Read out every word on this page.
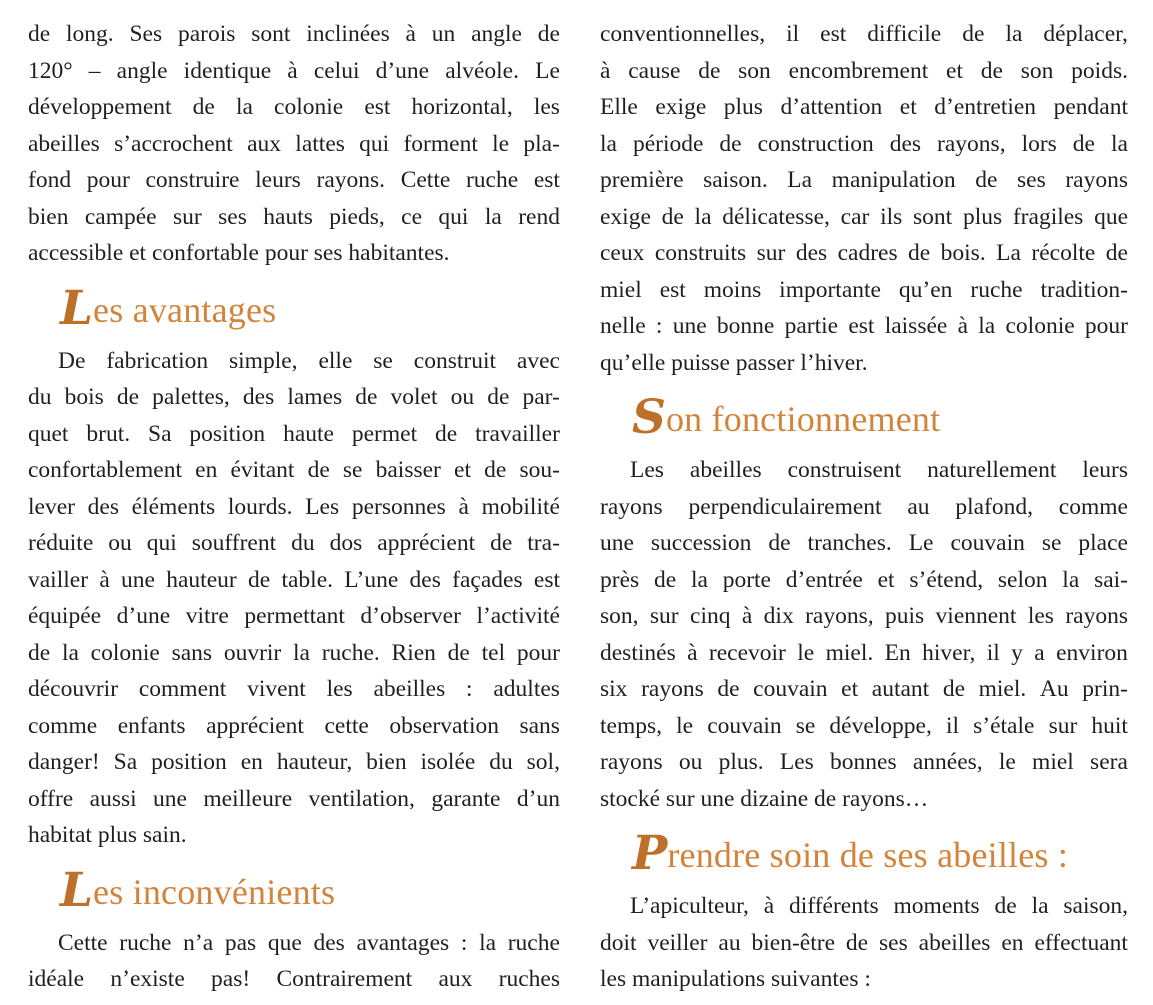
de long. Ses parois sont inclinées à un angle de
120° – angle identique à celui d’une alvéole. Le
développement de la colonie est horizontal, les
abeilles s’accrochent aux lattes qui forment le pla-
fond pour construire leurs rayons. Cette ruche est
bien campée sur ses hauts pieds, ce qui la rend
accessible et confortable pour ses habitantes.
Les avantages
De fabrication simple, elle se construit avec
du bois de palettes, des lames de volet ou de par-
quet brut. Sa position haute permet de travailler
confortablement en évitant de se baisser et de sou-
lever des éléments lourds. Les personnes à mobilité
réduite ou qui souffrent du dos apprécient de tra-
vailler à une hauteur de table. L’une des façades est
équipée d’une vitre permettant d’observer l’activité
de la colonie sans ouvrir la ruche. Rien de tel pour
découvrir comment vivent les abeilles : adultes
comme enfants apprécient cette observation sans
danger! Sa position en hauteur, bien isolée du sol,
offre aussi une meilleure ventilation, garante d’un
habitat plus sain.
Les inconvénients
Cette ruche n’a pas que des avantages : la ruche
idéale n’existe pas! Contrairement aux ruches
conventionnelles, il est difficile de la déplacer,
à cause de son encombrement et de son poids.
Elle exige plus d’attention et d’entretien pendant
la période de construction des rayons, lors de la
première saison. La manipulation de ses rayons
exige de la délicatesse, car ils sont plus fragiles que
ceux construits sur des cadres de bois. La récolte de
miel est moins importante qu’en ruche tradition-
nelle : une bonne partie est laissée à la colonie pour
qu’elle puisse passer l’hiver.
Son fonctionnement
Les abeilles construisent naturellement leurs
rayons perpendiculairement au plafond, comme
une succession de tranches. Le couvain se place
près de la porte d’entrée et s’étend, selon la sai-
son, sur cinq à dix rayons, puis viennent les rayons
destinés à recevoir le miel. En hiver, il y a environ
six rayons de couvain et autant de miel. Au prin-
temps, le couvain se développe, il s’étale sur huit
rayons ou plus. Les bonnes années, le miel sera
stocké sur une dizaine de rayons…
Prendre soin de ses abeilles :
L’apiculteur, à différents moments de la saison,
doit veiller au bien-être de ses abeilles en effectuant
les manipulations suivantes :
